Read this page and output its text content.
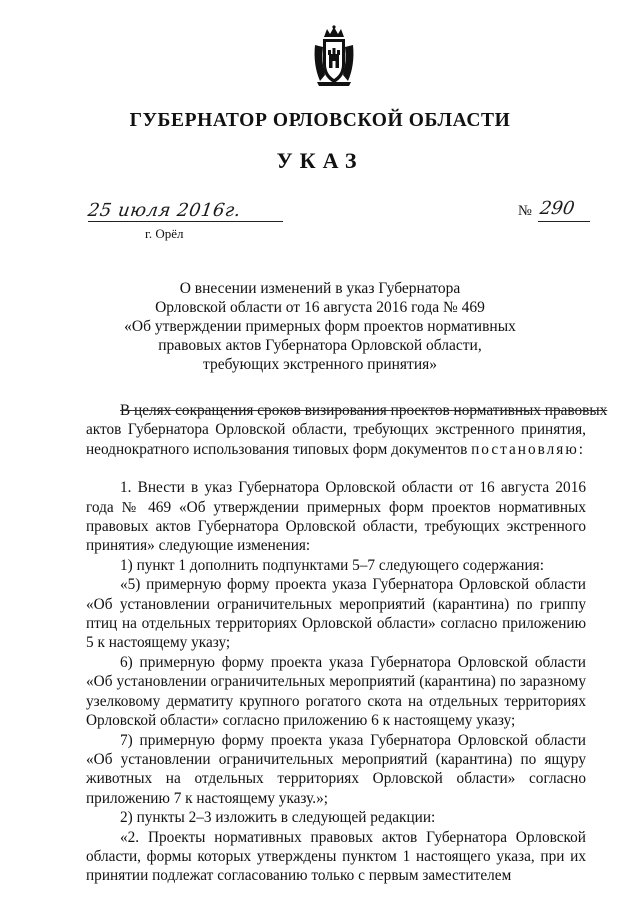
ГУБЕРНАТОР ОРЛОВСКОЙ ОБЛАСТИ
УКАЗ
25 июля 2016г.
г. Орёл
№ 290
О внесении изменений в указ Губернатора
Орловской области от 16 августа 2016 года № 469
«Об утверждении примерных форм проектов нормативных
правовых актов Губернатора Орловской области,
требующих экстренного принятия»
В целях сокращения сроков визирования проектов нормативных правовых

актов Губернатора Орловской области, требующих экстренного принятия, неоднократного использования типовых форм документов постановляю:

1. Внести в указ Губернатора Орловской области от 16 августа 2016 года № 469 «Об утверждении примерных форм проектов нормативных правовых актов Губернатора Орловской области, требующих экстренного принятия» следующие изменения:

1) пункт 1 дополнить подпунктами 5–7 следующего содержания:

«5) примерную форму проекта указа Губернатора Орловской области «Об установлении ограничительных мероприятий (карантина) по гриппу птиц на отдельных территориях Орловской области» согласно приложению 5 к настоящему указу;

6) примерную форму проекта указа Губернатора Орловской области «Об установлении ограничительных мероприятий (карантина) по заразному узелковому дерматиту крупного рогатого скота на отдельных территориях Орловской области» согласно приложению 6 к настоящему указу;

7) примерную форму проекта указа Губернатора Орловской области «Об установлении ограничительных мероприятий (карантина) по ящуру животных на отдельных территориях Орловской области» согласно приложению 7 к настоящему указу.»;

2) пункты 2–3 изложить в следующей редакции:

«2. Проекты нормативных правовых актов Губернатора Орловской области, формы которых утверждены пунктом 1 настоящего указа, при их принятии подлежат согласованию только с первым заместителем
